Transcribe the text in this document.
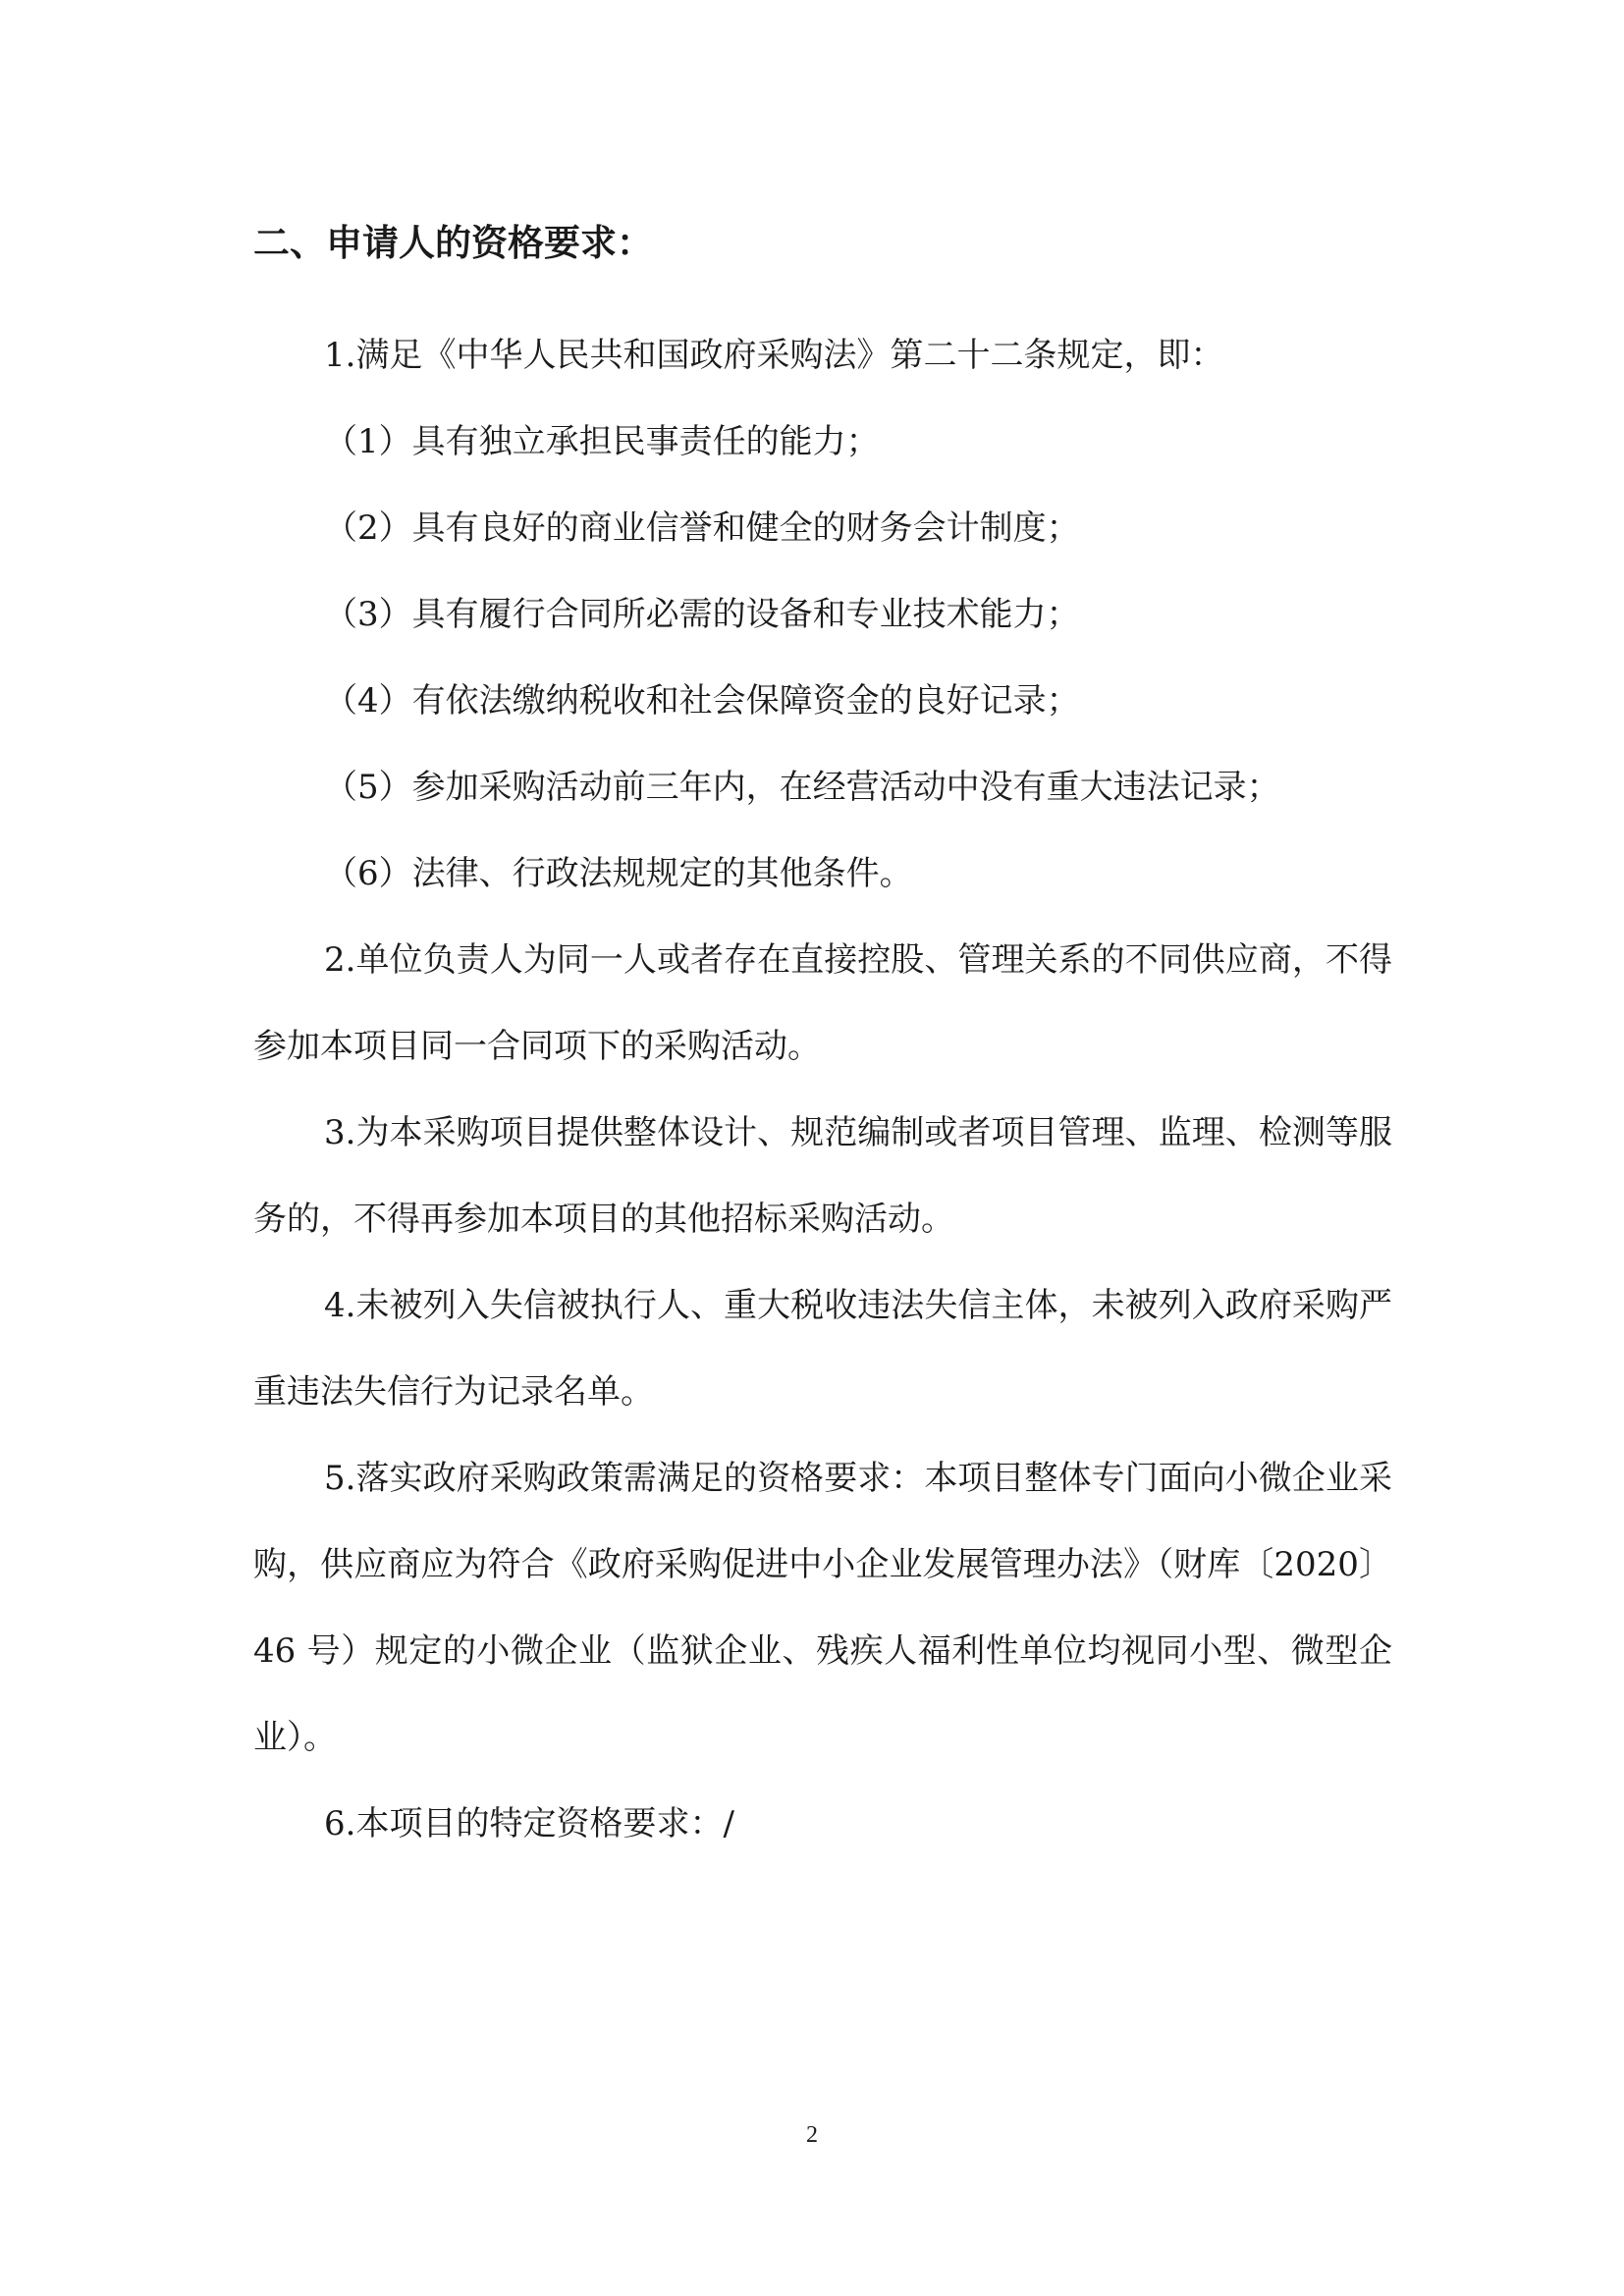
二、申请人的资格要求：

1.满足《中华人民共和国政府采购法》第二十二条规定，即：

（1）具有独立承担民事责任的能力；

（2）具有良好的商业信誉和健全的财务会计制度；

（3）具有履行合同所必需的设备和专业技术能力；

（4）有依法缴纳税收和社会保障资金的良好记录；

（5）参加采购活动前三年内，在经营活动中没有重大违法记录；

（6）法律、行政法规规定的其他条件。

2.单位负责人为同一人或者存在直接控股、管理关系的不同供应商，不得参加本项目同一合同项下的采购活动。

3.为本采购项目提供整体设计、规范编制或者项目管理、监理、检测等服务的，不得再参加本项目的其他招标采购活动。

4.未被列入失信被执行人、重大税收违法失信主体，未被列入政府采购严重违法失信行为记录名单。

5.落实政府采购政策需满足的资格要求：本项目整体专门面向小微企业采购，供应商应为符合《政府采购促进中小企业发展管理办法》（财库〔2020〕46 号）规定的小微企业（监狱企业、残疾人福利性单位均视同小型、微型企业）。

6.本项目的特定资格要求：/

2
